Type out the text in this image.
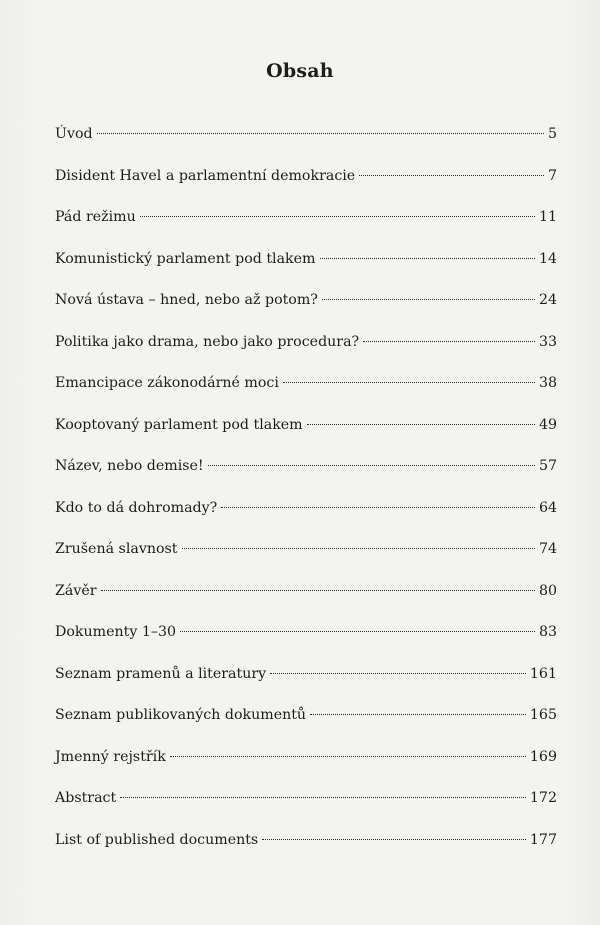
Obsah
Úvod	5
Disident Havel a parlamentní demokracie	7
Pád režimu	11
Komunistický parlament pod tlakem	14
Nová ústava – hned, nebo až potom?	24
Politika jako drama, nebo jako procedura?	33
Emancipace zákonodárné moci	38
Kooptovaný parlament pod tlakem	49
Název, nebo demise!	57
Kdo to dá dohromady?	64
Zrušená slavnost	74
Závěr	80
Dokumenty 1–30	83
Seznam pramenů a literatury	161
Seznam publikovaných dokumentů	165
Jmenný rejstřík	169
Abstract	172
List of published documents	177
